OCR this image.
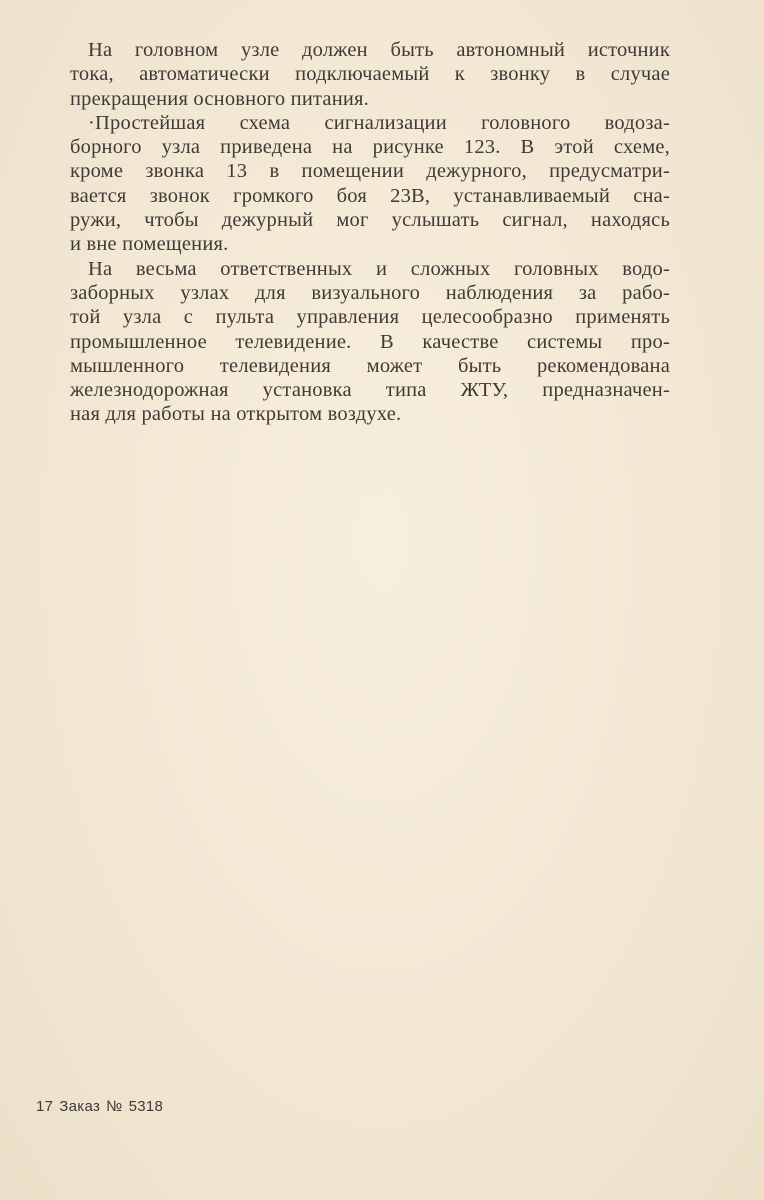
На головном узле должен быть автономный источник
тока, автоматически подключаемый к звонку в случае
прекращения основного питания.

·Простейшая схема сигнализации головного водоза-
борного узла приведена на рисунке 123. В этой схеме,
кроме звонка 13 в помещении дежурного, предусматри-
вается звонок громкого боя 23В, устанавливаемый сна-
ружи, чтобы дежурный мог услышать сигнал, находясь
и вне помещения.

На весьма ответственных и сложных головных водо-
заборных узлах для визуального наблюдения за рабо-
той узла с пульта управления целесообразно применять
промышленное телевидение. В качестве системы про-
мышленного телевидения может быть рекомендована
железнодорожная установка типа ЖТУ, предназначен-
ная для работы на открытом воздухе.

17 Заказ № 5318
